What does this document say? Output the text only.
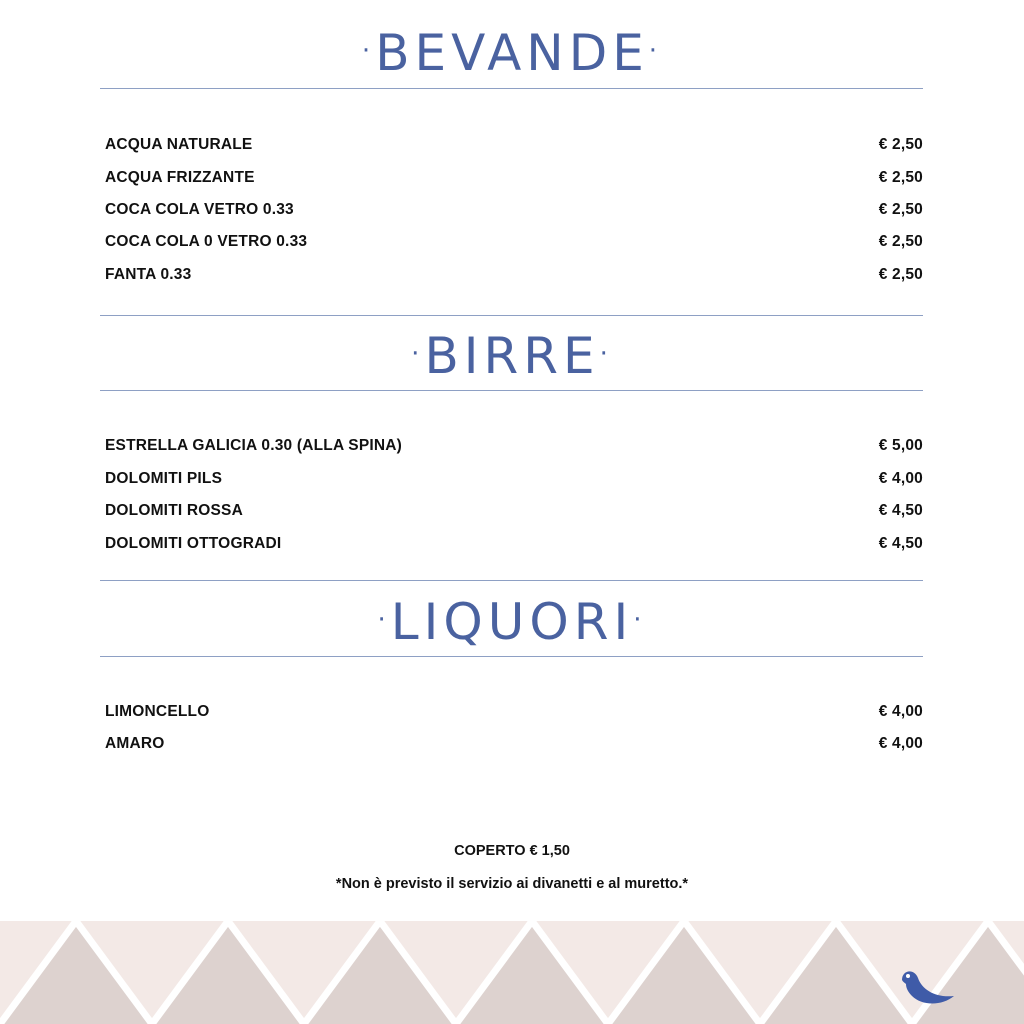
·BEVANDE·
ACQUA NATURALE	€ 2,50
ACQUA FRIZZANTE	€ 2,50
COCA COLA VETRO 0.33	€ 2,50
COCA COLA 0 VETRO 0.33	€ 2,50
FANTA 0.33	€ 2,50
·BIRRE·
ESTRELLA GALICIA 0.30 (ALLA SPINA)	€ 5,00
DOLOMITI PILS	€ 4,00
DOLOMITI ROSSA	€ 4,50
DOLOMITI OTTOGRADI	€ 4,50
·LIQUORI·
LIMONCELLO	€ 4,00
AMARO	€ 4,00
COPERTO € 1,50
*Non è previsto il servizio ai divanetti e al muretto.*
